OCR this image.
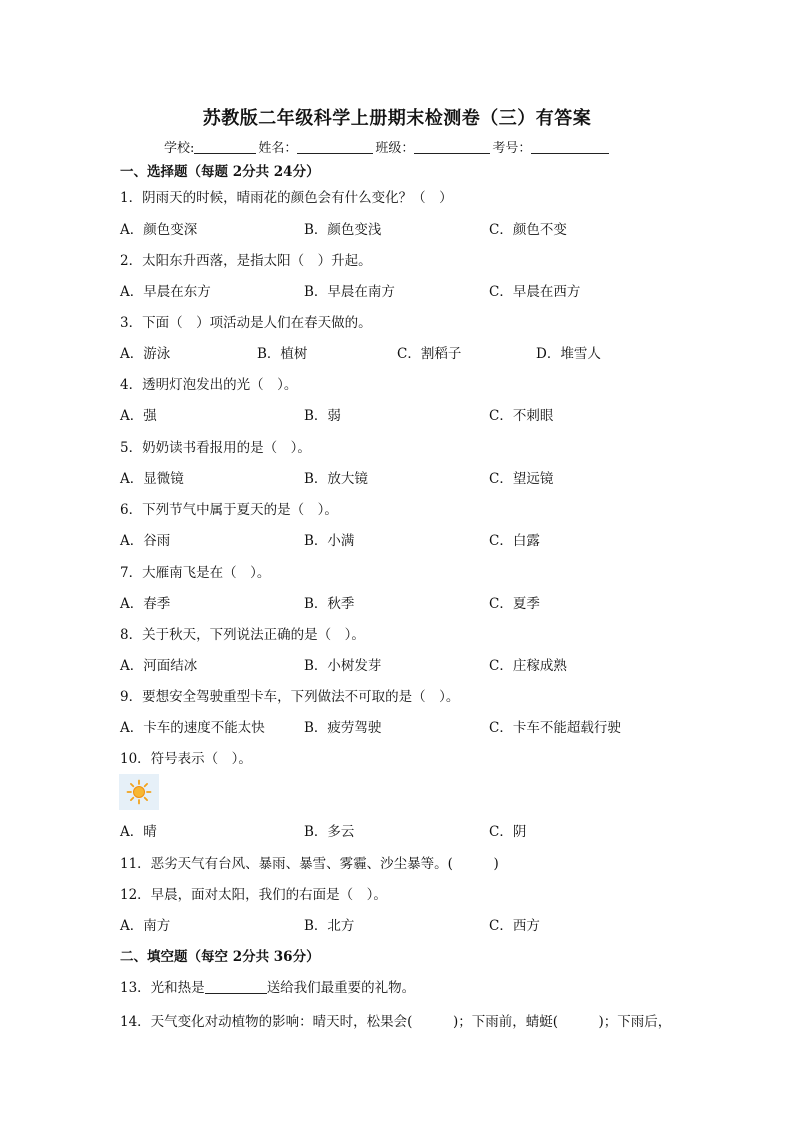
苏教版二年级科学上册期末检测卷（三）有答案
学校:	姓名：	班级：	考号：
一、选择题（每题 2分共 24分）
1．阴雨天的时候，晴雨花的颜色会有什么变化？（　）
A．颜色变深	B．颜色变浅	C．颜色不变
2．太阳东升西落，是指太阳（　）升起。
A．早晨在东方	B．早晨在南方	C．早晨在西方
3．下面（　）项活动是人们在春天做的。
A．游泳	B．植树	C．割稻子	D．堆雪人
4．透明灯泡发出的光（　）。
A．强	B．弱	C．不刺眼
5．奶奶读书看报用的是（　）。
A．显微镜	B．放大镜	C．望远镜
6．下列节气中属于夏天的是（　）。
A．谷雨	B．小满	C．白露
7．大雁南飞是在（　）。
A．春季	B．秋季	C．夏季
8．关于秋天，下列说法正确的是（　）。
A．河面结冰	B．小树发芽	C．庄稼成熟
9．要想安全驾驶重型卡车，下列做法不可取的是（　）。
A．卡车的速度不能太快	B．疲劳驾驶	C．卡车不能超载行驶
10．符号表示（　）。
A．晴	B．多云	C．阴
11．恶劣天气有台风、暴雨、暴雪、雾霾、沙尘暴等。(　　　)
12．早晨，面对太阳，我们的右面是（　）。
A．南方	B．北方	C．西方
二、填空题（每空 2分共 36分）
13．光和热是	送给我们最重要的礼物。
14．天气变化对动植物的影响：晴天时，松果会(　　　)；下雨前，蜻蜓(　　　)；下雨后，
